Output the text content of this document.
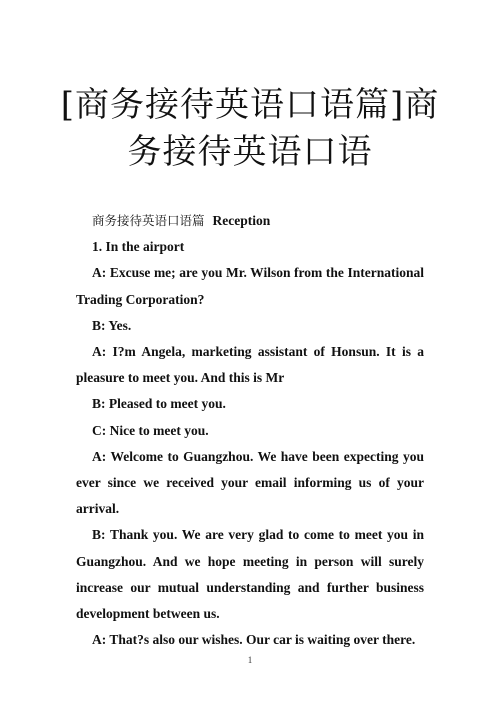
[商务接待英语口语篇]商务接待英语口语

商务接待英语口语篇 Reception

1. In the airport

A: Excuse me; are you Mr. Wilson from the International Trading Corporation?

B: Yes.

A: I?m Angela, marketing assistant of Honsun. It is a pleasure to meet you. And this is Mr

B: Pleased to meet you.

C: Nice to meet you.

A: Welcome to Guangzhou. We have been expecting you ever since we received your email informing us of your arrival.

B: Thank you. We are very glad to come to meet you in Guangzhou. And we hope meeting in person will surely increase our mutual understanding and further business development between us.

A: That?s also our wishes. Our car is waiting over there.

1
